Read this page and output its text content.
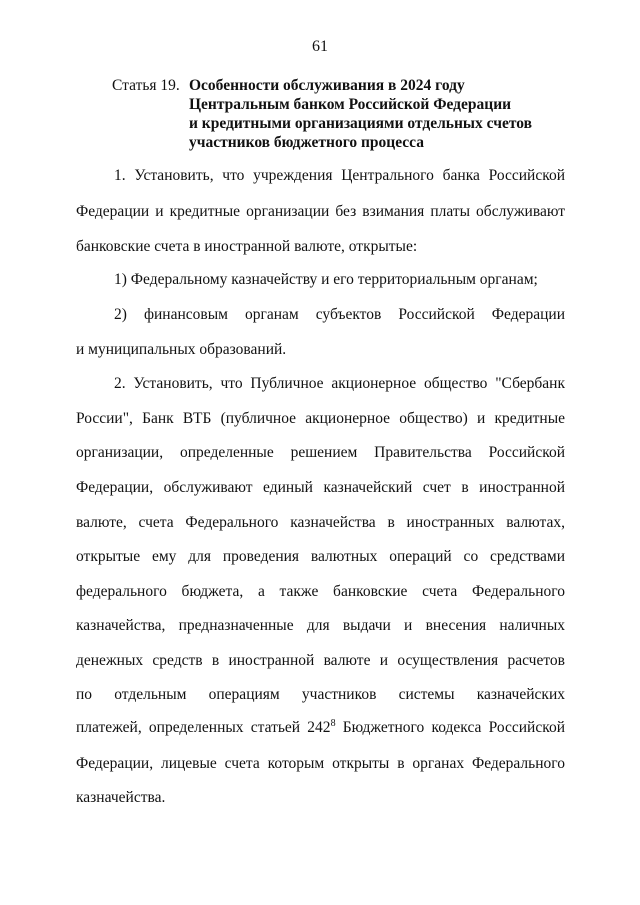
61
Статья 19. Особенности обслуживания в 2024 году
Центральным банком Российской Федерации
и кредитными организациями отдельных счетов
участников бюджетного процесса
1. Установить, что учреждения Центрального банка Российской
Федерации и кредитные организации без взимания платы обслуживают
банковские счета в иностранной валюте, открытые:
1) Федеральному казначейству и его территориальным органам;
2) финансовым органам субъектов Российской Федерации
и муниципальных образований.
2. Установить, что Публичное акционерное общество "Сбербанк
России", Банк ВТБ (публичное акционерное общество) и кредитные
организации, определенные решением Правительства Российской
Федерации, обслуживают единый казначейский счет в иностранной
валюте, счета Федерального казначейства в иностранных валютах,
открытые ему для проведения валютных операций со средствами
федерального бюджета, а также банковские счета Федерального
казначейства, предназначенные для выдачи и внесения наличных
денежных средств в иностранной валюте и осуществления расчетов
по отдельным операциям участников системы казначейских
платежей, определенных статьей $242^8$ Бюджетного кодекса Российской
Федерации, лицевые счета которым открыты в органах Федерального
казначейства.
